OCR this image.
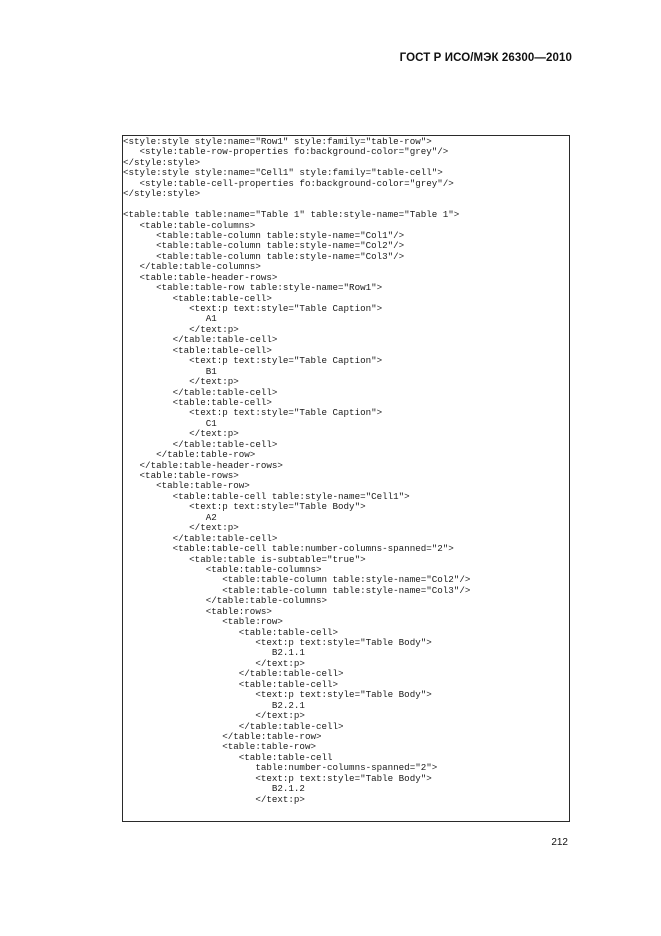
ГОСТ Р ИСО/МЭК 26300—2010
<style:style style:name="Row1" style:family="table-row">
<style:table-row-properties fo:background-color="grey"/>
</style:style>
<style:style style:name="Cell1" style:family="table-cell">
<style:table-cell-properties fo:background-color="grey"/>
</style:style>
<table:table table:name="Table 1" table:style-name="Table 1">
<table:table-columns>
<table:table-column table:style-name="Col1"/>
<table:table-column table:style-name="Col2"/>
<table:table-column table:style-name="Col3"/>
</table:table-columns>
<table:table-header-rows>
<table:table-row table:style-name="Row1">
<table:table-cell>
<text:p text:style="Table Caption">
A1
</text:p>
</table:table-cell>
<table:table-cell>
<text:p text:style="Table Caption">
B1
</text:p>
</table:table-cell>
<table:table-cell>
<text:p text:style="Table Caption">
C1
</text:p>
</table:table-cell>
</table:table-row>
</table:table-header-rows>
<table:table-rows>
<table:table-row>
<table:table-cell table:style-name="Cell1">
<text:p text:style="Table Body">
A2
</text:p>
</table:table-cell>
<table:table-cell table:number-columns-spanned="2">
<table:table is-subtable="true">
<table:table-columns>
<table:table-column table:style-name="Col2"/>
<table:table-column table:style-name="Col3"/>
</table:table-columns>
<table:rows>
<table:row>
<table:table-cell>
<text:p text:style="Table Body">
B2.1.1
</text:p>
</table:table-cell>
<table:table-cell>
<text:p text:style="Table Body">
B2.2.1
</text:p>
</table:table-cell>
</table:table-row>
<table:table-row>
<table:table-cell
table:number-columns-spanned="2">
<text:p text:style="Table Body">
B2.1.2
</text:p>
212
